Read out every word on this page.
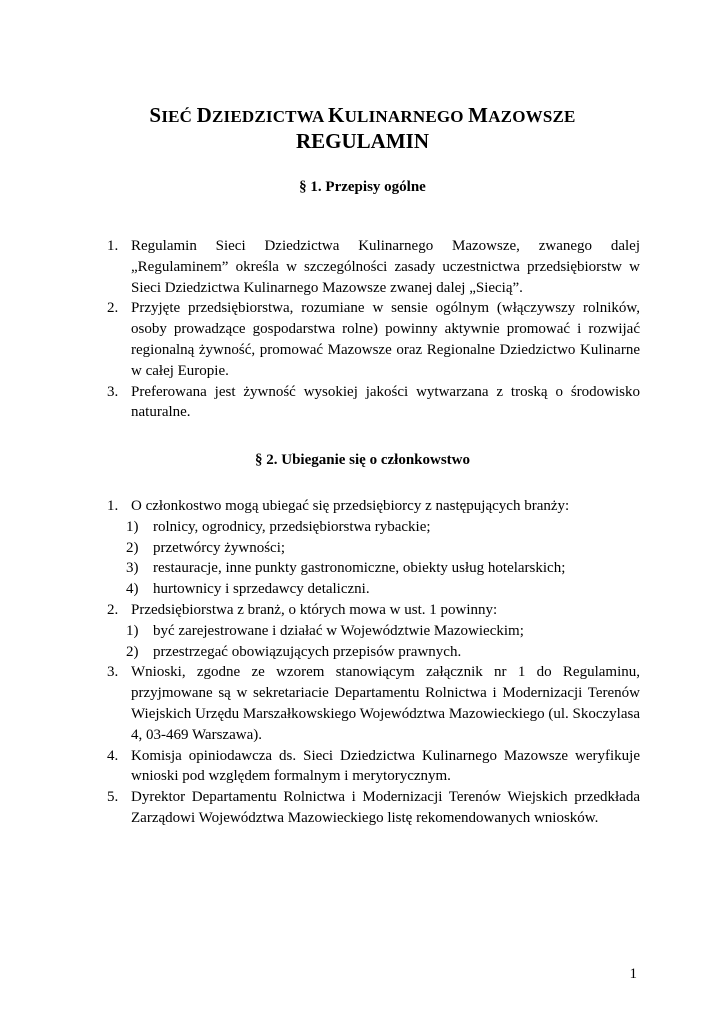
SIEĆ DZIEDZICTWA KULINARNEGO MAZOWSZE
REGULAMIN
§ 1. Przepisy ogólne
1. Regulamin Sieci Dziedzictwa Kulinarnego Mazowsze, zwanego dalej „Regulaminem” określa w szczególności zasady uczestnictwa przedsiębiorstw w Sieci Dziedzictwa Kulinarnego Mazowsze zwanej dalej „Siecią”.
2. Przyjęte przedsiębiorstwa, rozumiane w sensie ogólnym (włączywszy rolników, osoby prowadzące gospodarstwa rolne) powinny aktywnie promować i rozwijać regionalną żywność, promować Mazowsze oraz Regionalne Dziedzictwo Kulinarne w całej Europie.
3. Preferowana jest żywność wysokiej jakości wytwarzana z troską o środowisko naturalne.
§ 2. Ubieganie się o członkowstwo
1. O członkostwo mogą ubiegać się przedsiębiorcy z następujących branży:
1) rolnicy, ogrodnicy, przedsiębiorstwa rybackie;
2) przetwórcy żywności;
3) restauracje, inne punkty gastronomiczne, obiekty usług hotelarskich;
4) hurtownicy i sprzedawcy detaliczni.
2. Przedsiębiorstwa z branż, o których mowa w ust. 1 powinny:
1) być zarejestrowane i działać w Województwie Mazowieckim;
2) przestrzegać obowiązujących przepisów prawnych.
3. Wnioski, zgodne ze wzorem stanowiącym załącznik nr 1 do Regulaminu, przyjmowane są w sekretariacie Departamentu Rolnictwa i Modernizacji Terenów Wiejskich Urzędu Marszałkowskiego Województwa Mazowieckiego (ul. Skoczylasa 4, 03-469 Warszawa).
4. Komisja opiniodawcza ds. Sieci Dziedzictwa Kulinarnego Mazowsze weryfikuje wnioski pod względem formalnym i merytorycznym.
5. Dyrektor Departamentu Rolnictwa i Modernizacji Terenów Wiejskich przedkłada Zarządowi Województwa Mazowieckiego listę rekomendowanych wniosków.
1
